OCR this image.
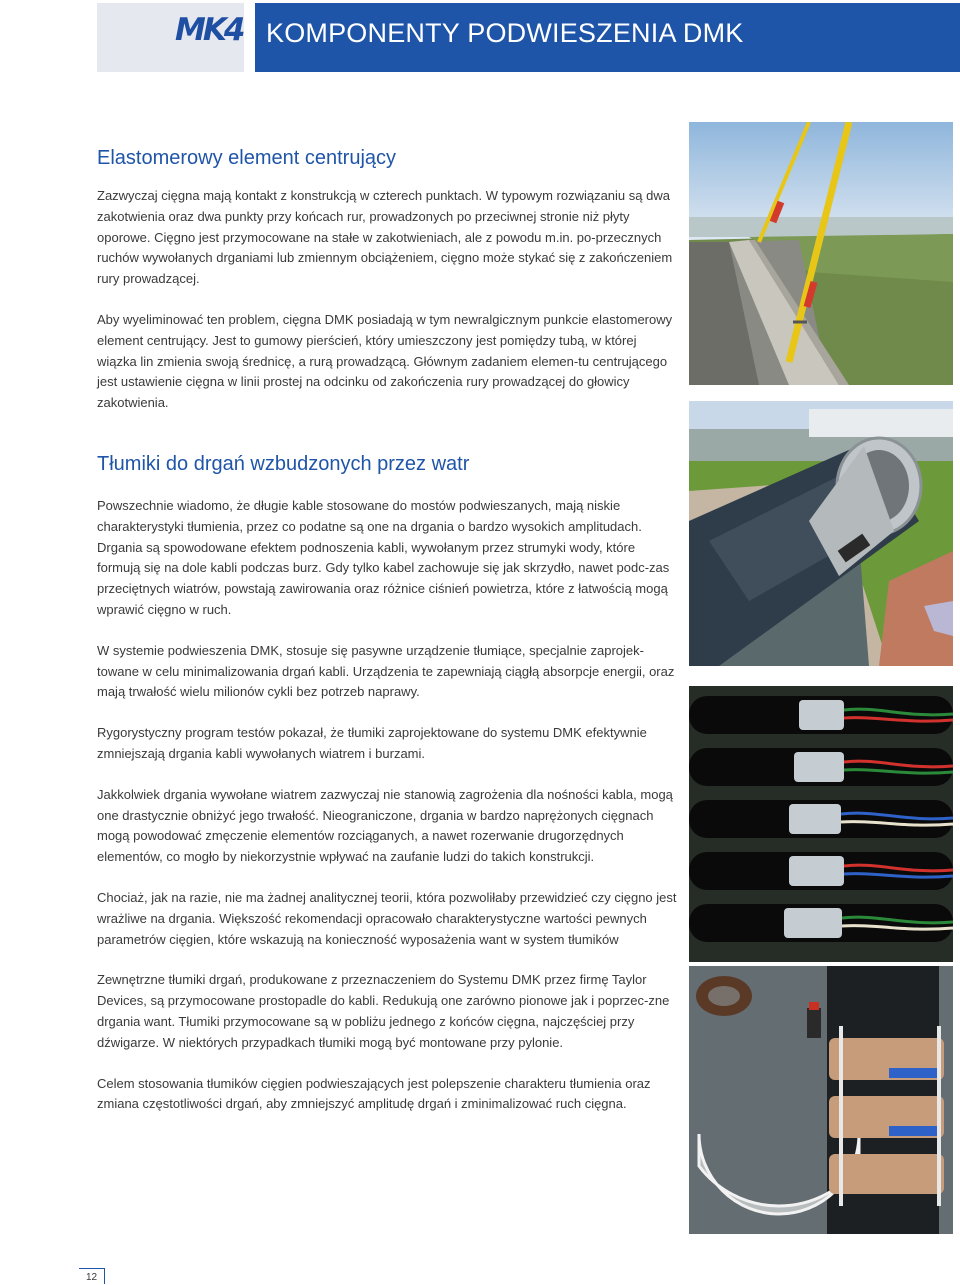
MK4 KOMPONENTY PODWIESZENIA DMK
Elastomerowy element centrujący

Zazwyczaj cięgna mają kontakt z konstrukcją w czterech punktach. W typowym rozwiązaniu są dwa zakotwienia oraz dwa punkty przy końcach rur, prowadzonych po przeciwnej stronie niż płyty oporowe. Cięgno jest przymocowane na stałe w zakotwieniach, ale z powodu m.in. po-przecznych ruchów wywołanych drganiami lub zmiennym obciążeniem, cięgno może stykać się z zakończeniem rury prowadzącej.

Aby wyeliminować ten problem, cięgna DMK posiadają w tym newralgicznym punkcie elastomerowy element centrujący. Jest to gumowy pierścień, który umieszczony jest pomiędzy tubą, w której wiązka lin zmienia swoją średnicę, a rurą prowadzącą. Głównym zadaniem elemen-tu centrującego jest ustawienie cięgna w linii prostej na odcinku od zakończenia rury prowadzącej do głowicy zakotwienia.

Tłumiki do drgań wzbudzonych przez watr

Powszechnie wiadomo, że długie kable stosowane do mostów podwieszanych, mają niskie charakterystyki tłumienia, przez co podatne są one na drgania o bardzo wysokich amplitudach. Drgania są spowodowane efektem podnoszenia kabli, wywołanym przez strumyki wody, które formują się na dole kabli podczas burz. Gdy tylko kabel zachowuje się jak skrzydło, nawet podc-zas przeciętnych wiatrów, powstają zawirowania oraz różnice ciśnień powietrza, które z łatwością mogą wprawić cięgno w ruch.

W systemie podwieszenia DMK, stosuje się pasywne urządzenie tłumiące, specjalnie zaprojek-towane w celu minimalizowania drgań kabli. Urządzenia te zapewniają ciągłą absorpcje energii, oraz mają trwałość wielu milionów cykli bez potrzeb naprawy.

Rygorystyczny program testów pokazał, że tłumiki zaprojektowane do systemu DMK efektywnie zmniejszają drgania kabli wywołanych wiatrem i burzami.

Jakkolwiek drgania wywołane wiatrem zazwyczaj nie stanowią zagrożenia dla nośności kabla, mogą one drastycznie obniżyć jego trwałość. Nieograniczone, drgania w bardzo naprężonych cięgnach mogą powodować zmęczenie elementów rozciąganych, a nawet rozerwanie drugorzędnych elementów, co mogło by niekorzystnie wpływać na zaufanie ludzi do takich konstrukcji.

Chociaż, jak na razie, nie ma żadnej analitycznej teorii, która pozwoliłaby przewidzieć czy cięgno jest wrażliwe na drgania. Większość rekomendacji opracowało charakterystyczne wartości pewnych parametrów cięgien, które wskazują na konieczność wyposażenia want w system tłumików

Zewnętrzne tłumiki drgań, produkowane z przeznaczeniem do Systemu DMK przez firmę Taylor Devices, są przymocowane prostopadle do kabli. Redukują one zarówno pionowe jak i poprzec-zne drgania want. Tłumiki przymocowane są w pobliżu jednego z końców cięgna, najczęściej przy dźwigarze. W niektórych przypadkach tłumiki mogą być montowane przy pylonie.

Celem stosowania tłumików cięgien podwieszających jest polepszenie charakteru tłumienia oraz zmiana częstotliwości drgań, aby zmniejszyć amplitudę drgań i zminimalizować ruch cięgna.

12
